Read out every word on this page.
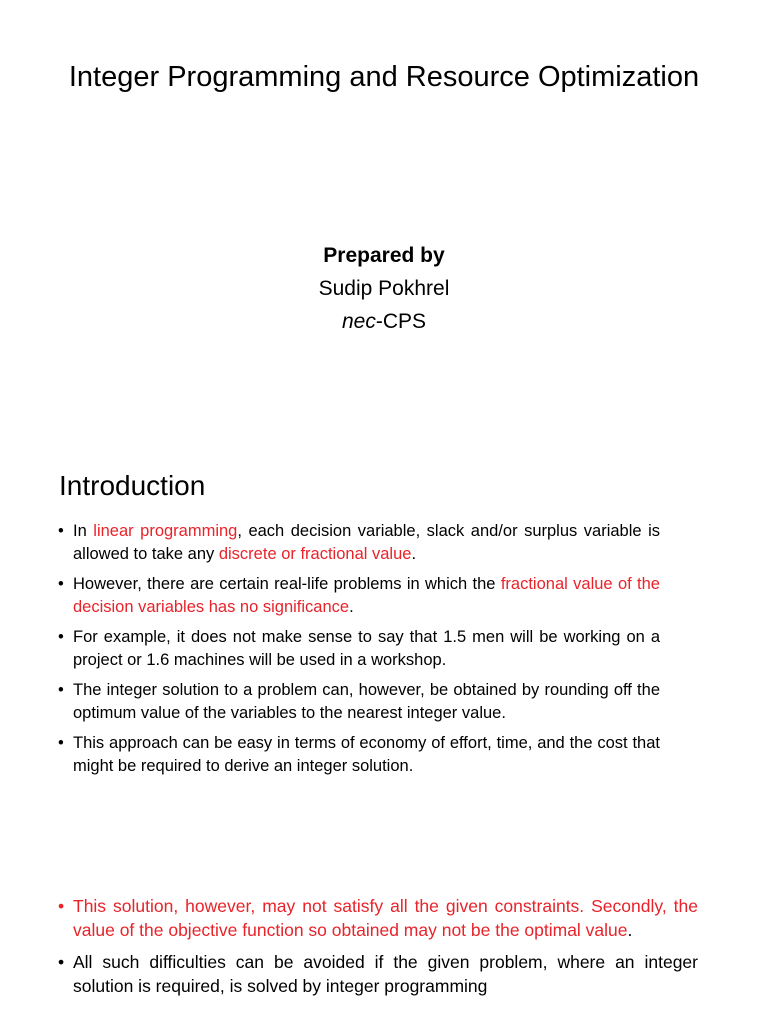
Integer Programming and Resource Optimization
Prepared by
Sudip Pokhrel
nec-CPS
Introduction
• In linear programming, each decision variable, slack and/or surplus variable is allowed to take any discrete or fractional value.
• However, there are certain real-life problems in which the fractional value of the decision variables has no significance.
• For example, it does not make sense to say that 1.5 men will be working on a project or 1.6 machines will be used in a workshop.
• The integer solution to a problem can, however, be obtained by rounding off the optimum value of the variables to the nearest integer value.
• This approach can be easy in terms of economy of effort, time, and the cost that might be required to derive an integer solution.
• This solution, however, may not satisfy all the given constraints. Secondly, the value of the objective function so obtained may not be the optimal value.
• All such difficulties can be avoided if the given problem, where an integer solution is required, is solved by integer programming
